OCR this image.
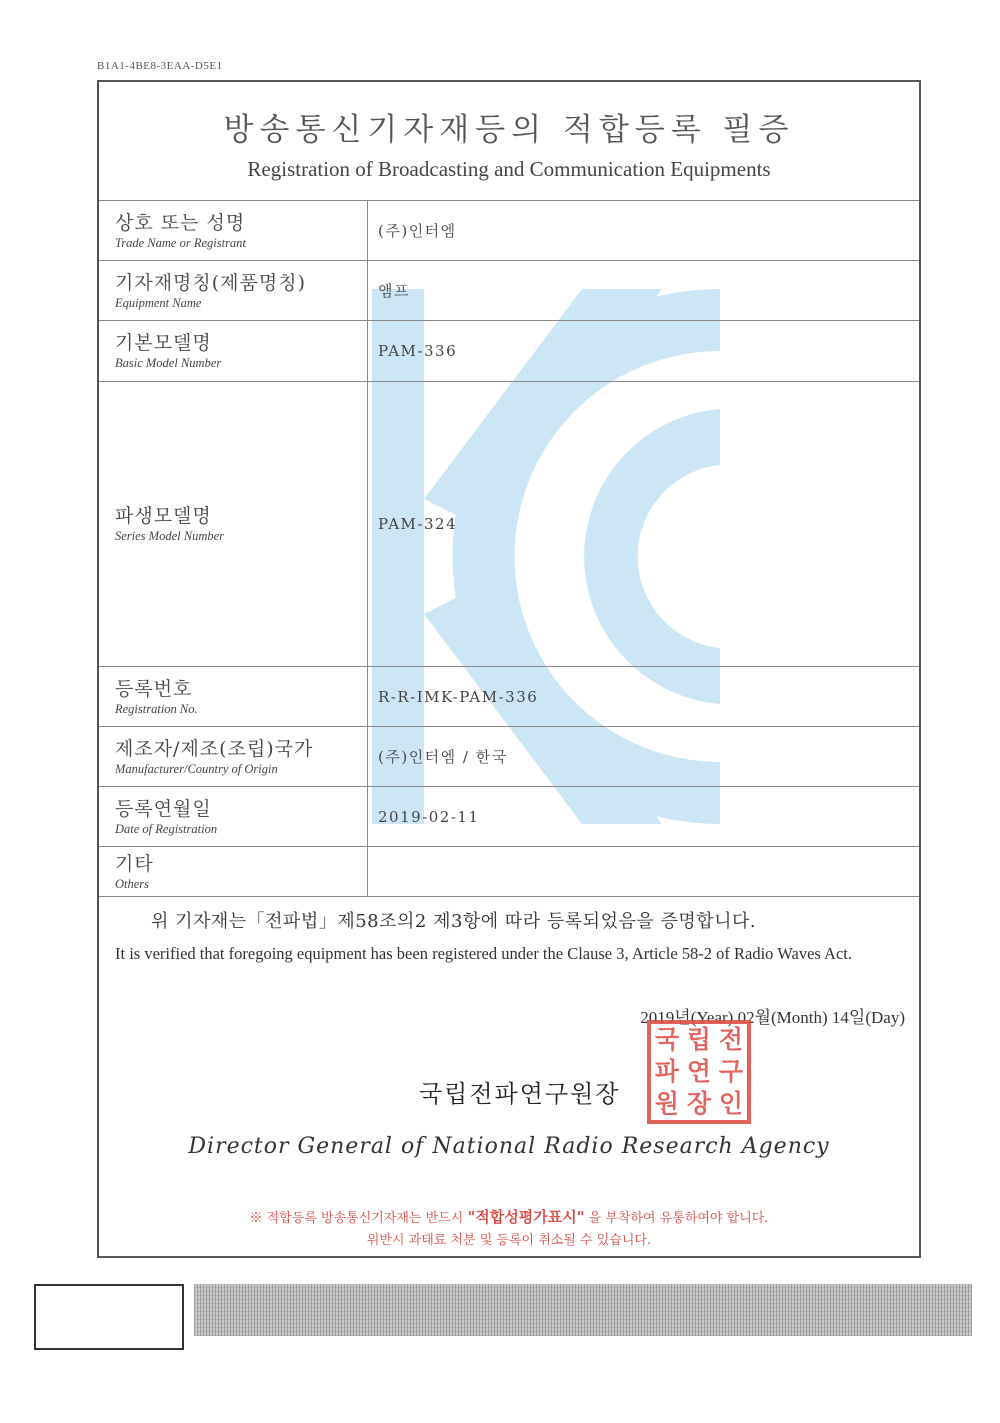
B1A1-4BE8-3EAA-D5E1
방송통신기자재등의 적합등록 필증
Registration of Broadcasting and Communication Equipments
상호 또는 성명
Trade Name or Registrant	(주)인터엠

기자재명칭(제품명칭)
Equipment Name	앰프

기본모델명
Basic Model Number	PAM-336

파생모델명
Series Model Number	PAM-324

등록번호
Registration No.	R-R-IMK-PAM-336

제조자/제조(조립)국가
Manufacturer/Country of Origin	(주)인터엠 / 한국

등록연월일
Date of Registration	2019-02-11

기타
Others	

위 기자재는「전파법」제58조의2 제3항에 따라 등록되었음을 증명합니다.
It is verified that foregoing equipment has been registered under the Clause 3, Article 58-2 of Radio Waves Act.
2019년(Year) 02월(Month) 14일(Day)
국립전파연구원장
국 립 전
파 연 구
원 장 인
Director General of National Radio Research Agency
※ 적합등록 방송통신기자재는 반드시 "적합성평가표시" 을 부착하여 유통하여야 합니다.
위반시 과태료 처분 및 등록이 취소될 수 있습니다.
